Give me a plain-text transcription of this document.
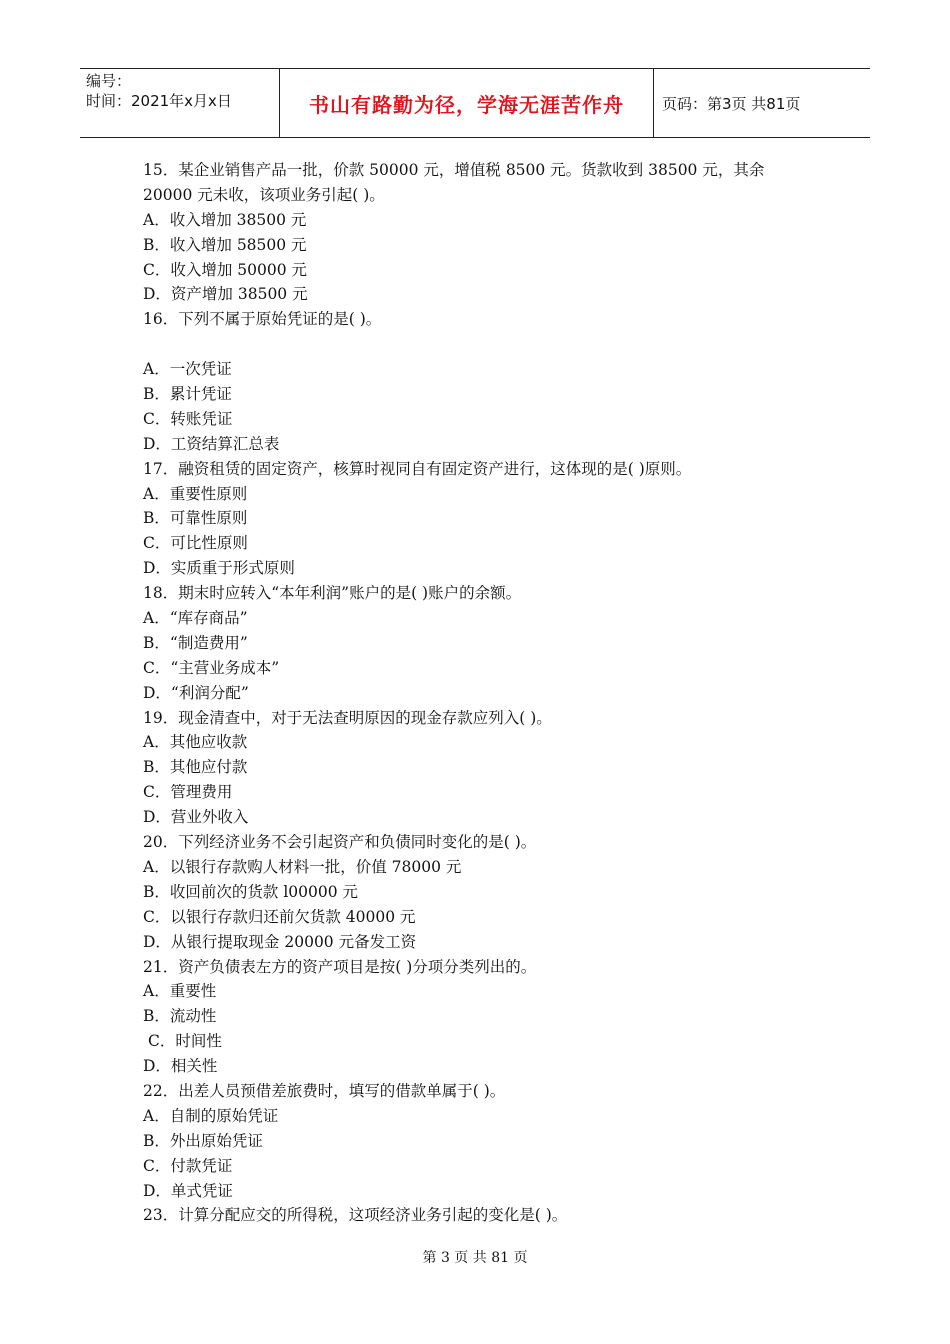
编号：
时间：2021年x月x日	书山有路勤为径，学海无涯苦作舟	页码：第3页 共81页
15．某企业销售产品一批，价款 50000 元，增值税 8500 元。货款收到 38500 元，其余
20000 元未收，该项业务引起( )。
A．收入增加 38500 元
B．收入增加 58500 元
C．收入增加 50000 元
D．资产增加 38500 元
16．下列不属于原始凭证的是( )。
A．一次凭证
B．累计凭证
C．转账凭证
D．工资结算汇总表
17．融资租赁的固定资产，核算时视同自有固定资产进行，这体现的是( )原则。
A．重要性原则
B．可靠性原则
C．可比性原则
D．实质重于形式原则
18．期末时应转入“本年利润”账户的是( )账户的余额。
A．“库存商品”
B．“制造费用”
C．“主营业务成本”
D．“利润分配”
19．现金清查中，对于无法查明原因的现金存款应列入( )。
A．其他应收款
B．其他应付款
C．管理费用
D．营业外收入
20．下列经济业务不会引起资产和负债同时变化的是( )。
A．以银行存款购人材料一批，价值 78000 元
B．收回前次的货款 l00000 元
C．以银行存款归还前欠货款 40000 元
D．从银行提取现金 20000 元备发工资
21．资产负债表左方的资产项目是按( )分项分类列出的。
A．重要性
B．流动性
C．时间性
D．相关性
22．出差人员预借差旅费时，填写的借款单属于( )。
A．自制的原始凭证
B．外出原始凭证
C．付款凭证
D．单式凭证
23．计算分配应交的所得税，这项经济业务引起的变化是( )。
第 3 页 共 81 页
